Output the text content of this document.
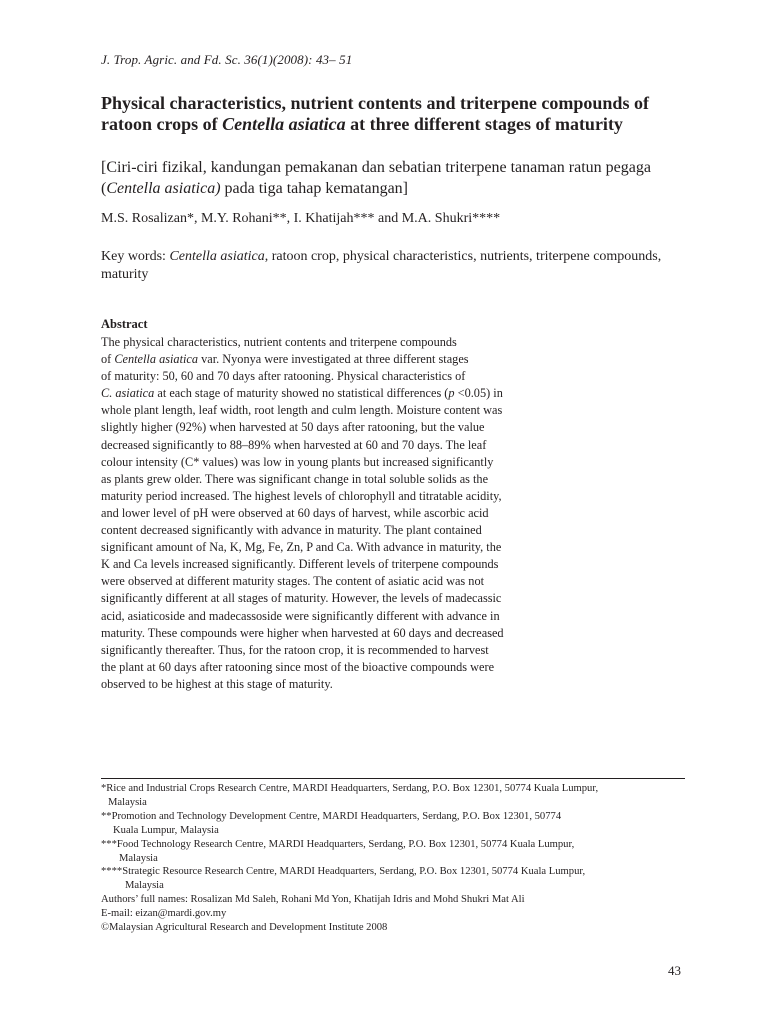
J. Trop. Agric. and Fd. Sc. 36(1)(2008): 43– 51
Physical characteristics, nutrient contents and triterpene compounds of ratoon crops of Centella asiatica at three different stages of maturity
[Ciri-ciri fizikal, kandungan pemakanan dan sebatian triterpene tanaman ratun pegaga (Centella asiatica) pada tiga tahap kematangan]
M.S. Rosalizan*, M.Y. Rohani**, I. Khatijah*** and M.A. Shukri****
Key words: Centella asiatica, ratoon crop, physical characteristics, nutrients, triterpene compounds, maturity
Abstract
The physical characteristics, nutrient contents and triterpene compounds
of Centella asiatica var. Nyonya were investigated at three different stages
of maturity: 50, 60 and 70 days after ratooning. Physical characteristics of
C. asiatica at each stage of maturity showed no statistical differences (p <0.05) in
whole plant length, leaf width, root length and culm length. Moisture content was
slightly higher (92%) when harvested at 50 days after ratooning, but the value
decreased significantly to 88–89% when harvested at 60 and 70 days. The leaf
colour intensity (C* values) was low in young plants but increased significantly
as plants grew older. There was significant change in total soluble solids as the
maturity period increased. The highest levels of chlorophyll and titratable acidity,
and lower level of pH were observed at 60 days of harvest, while ascorbic acid
content decreased significantly with advance in maturity. The plant contained
significant amount of Na, K, Mg, Fe, Zn, P and Ca. With advance in maturity, the
K and Ca levels increased significantly. Different levels of triterpene compounds
were observed at different maturity stages. The content of asiatic acid was not
significantly different at all stages of maturity. However, the levels of madecassic
acid, asiaticoside and madecassoside were significantly different with advance in
maturity. These compounds were higher when harvested at 60 days and decreased
significantly thereafter. Thus, for the ratoon crop, it is recommended to harvest
the plant at 60 days after ratooning since most of the bioactive compounds were
observed to be highest at this stage of maturity.
*Rice and Industrial Crops Research Centre, MARDI Headquarters, Serdang, P.O. Box 12301, 50774 Kuala Lumpur,
Malaysia
**Promotion and Technology Development Centre, MARDI Headquarters, Serdang, P.O. Box 12301, 50774
Kuala Lumpur, Malaysia
***Food Technology Research Centre, MARDI Headquarters, Serdang, P.O. Box 12301, 50774 Kuala Lumpur,
Malaysia
****Strategic Resource Research Centre, MARDI Headquarters, Serdang, P.O. Box 12301, 50774 Kuala Lumpur,
Malaysia
Authors’ full names: Rosalizan Md Saleh, Rohani Md Yon, Khatijah Idris and Mohd Shukri Mat Ali
E-mail: eizan@mardi.gov.my
©Malaysian Agricultural Research and Development Institute 2008
43
